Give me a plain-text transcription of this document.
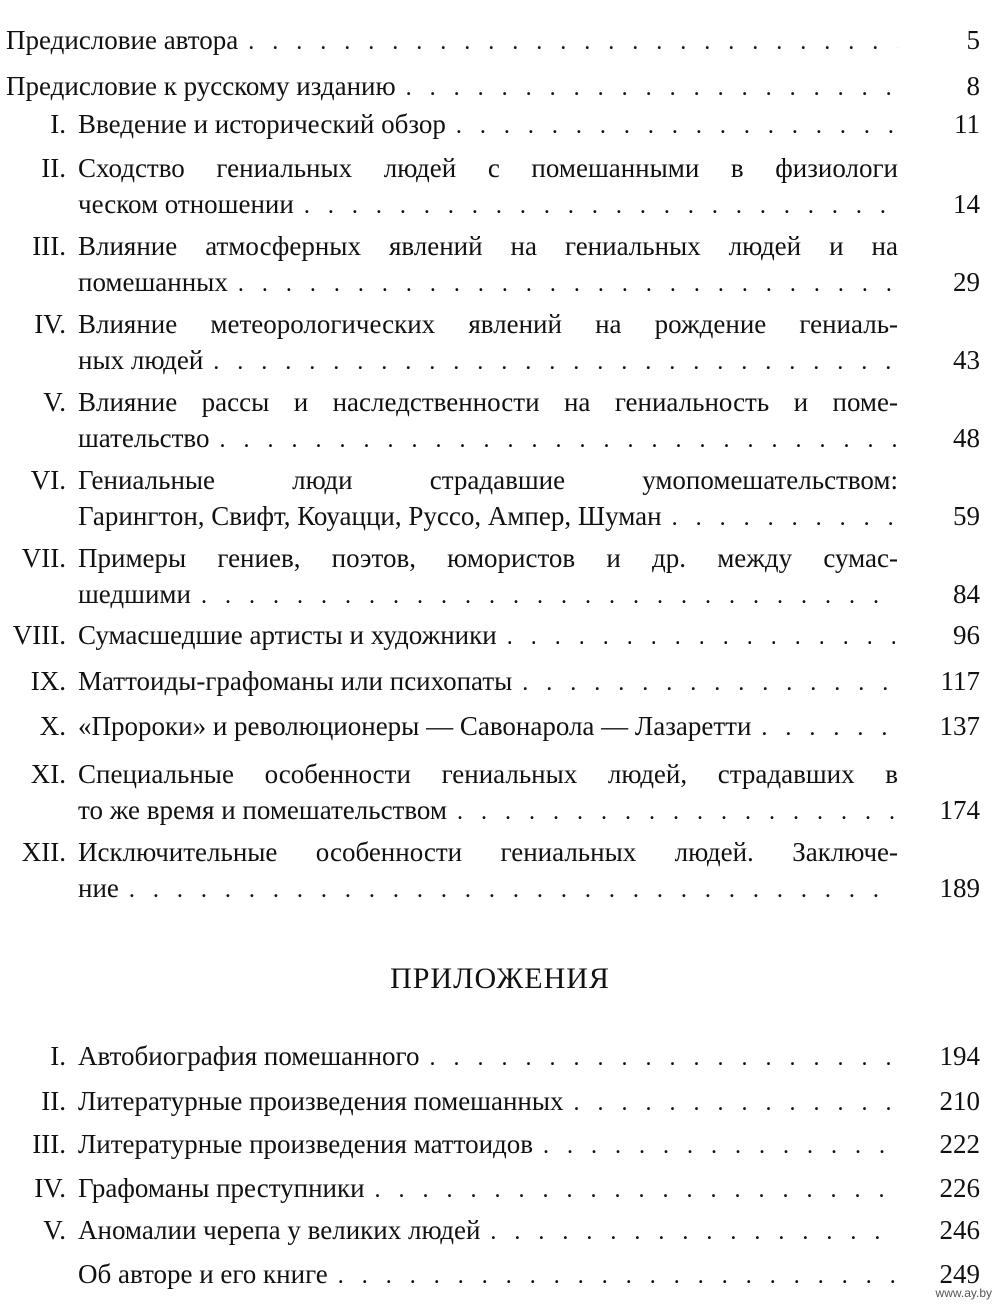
Предисловие автора . . .	5
Предисловие к русскому изданию . . .	8
I. Введение и исторический обзор . . .	11
II. Сходство гениальных людей с помешанными в физиологи
ческом отношении . . .	14
III. Влияние атмосферных явлений на гениальных людей и на
помешанных . . .	29
IV. Влияние метеорологических явлений на рождение гениаль-
ных людей . . .	43
V. Влияние рассы и наследственности на гениальность и поме-
шательство . . .	48
VI. Гениальные люди страдавшие умопомешательством:
Гарингтон, Свифт, Коуацци, Руссо, Ампер, Шуман . . .	59
VII. Примеры гениев, поэтов, юмористов и др. между сумас-
шедшими . . .	84
VIII. Сумасшедшие артисты и художники . . .	96
IX. Маттоиды-графоманы или психопаты . . .	117
X. «Пророки» и революционеры — Савонарола — Лазаретти . . .	137
XI. Специальные особенности гениальных людей, страдавших в
то же время и помешательством . . .	174
XII. Исключительные особенности гениальных людей. Заключе-
ние . . .	189
ПРИЛОЖЕНИЯ
I. Автобиография помешанного . . .	194
II. Литературные произведения помешанных . . .	210
III. Литературные произведения маттоидов . . .	222
IV. Графоманы преступники . . .	226
V. Аномалии черепа у великих людей . . .	246
Об авторе и его книге . . .	249
www.ay.by
